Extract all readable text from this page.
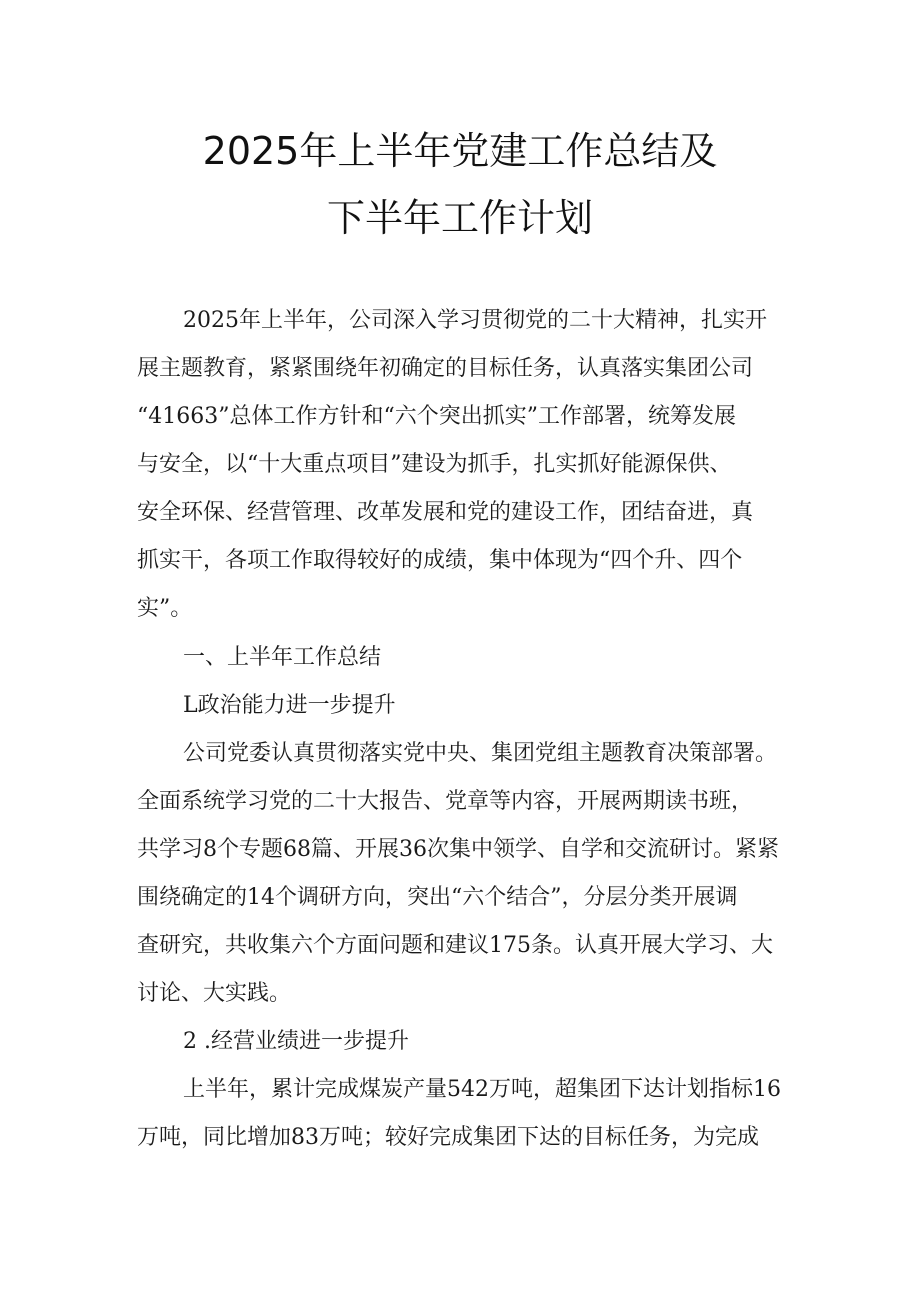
2025年上半年党建工作总结及
下半年工作计划

2025年上半年，公司深入学习贯彻党的二十大精神，扎实开

展主题教育，紧紧围绕年初确定的目标任务，认真落实集团公司

“41663”总体工作方针和“六个突出抓实”工作部署，统筹发展

与安全，以“十大重点项目”建设为抓手，扎实抓好能源保供、

安全环保、经营管理、改革发展和党的建设工作，团结奋进，真

抓实干，各项工作取得较好的成绩，集中体现为“四个升、四个

实”。

一、上半年工作总结

L政治能力进一步提升

公司党委认真贯彻落实党中央、集团党组主题教育决策部署。

全面系统学习党的二十大报告、党章等内容，开展两期读书班，

共学习8个专题68篇、开展36次集中领学、自学和交流研讨。紧紧

围绕确定的14个调研方向，突出“六个结合”，分层分类开展调

查研究，共收集六个方面问题和建议175条。认真开展大学习、大

讨论、大实践。

2 .经营业绩进一步提升

上半年，累计完成煤炭产量542万吨，超集团下达计划指标16

万吨，同比增加83万吨；较好完成集团下达的目标任务，为完成
